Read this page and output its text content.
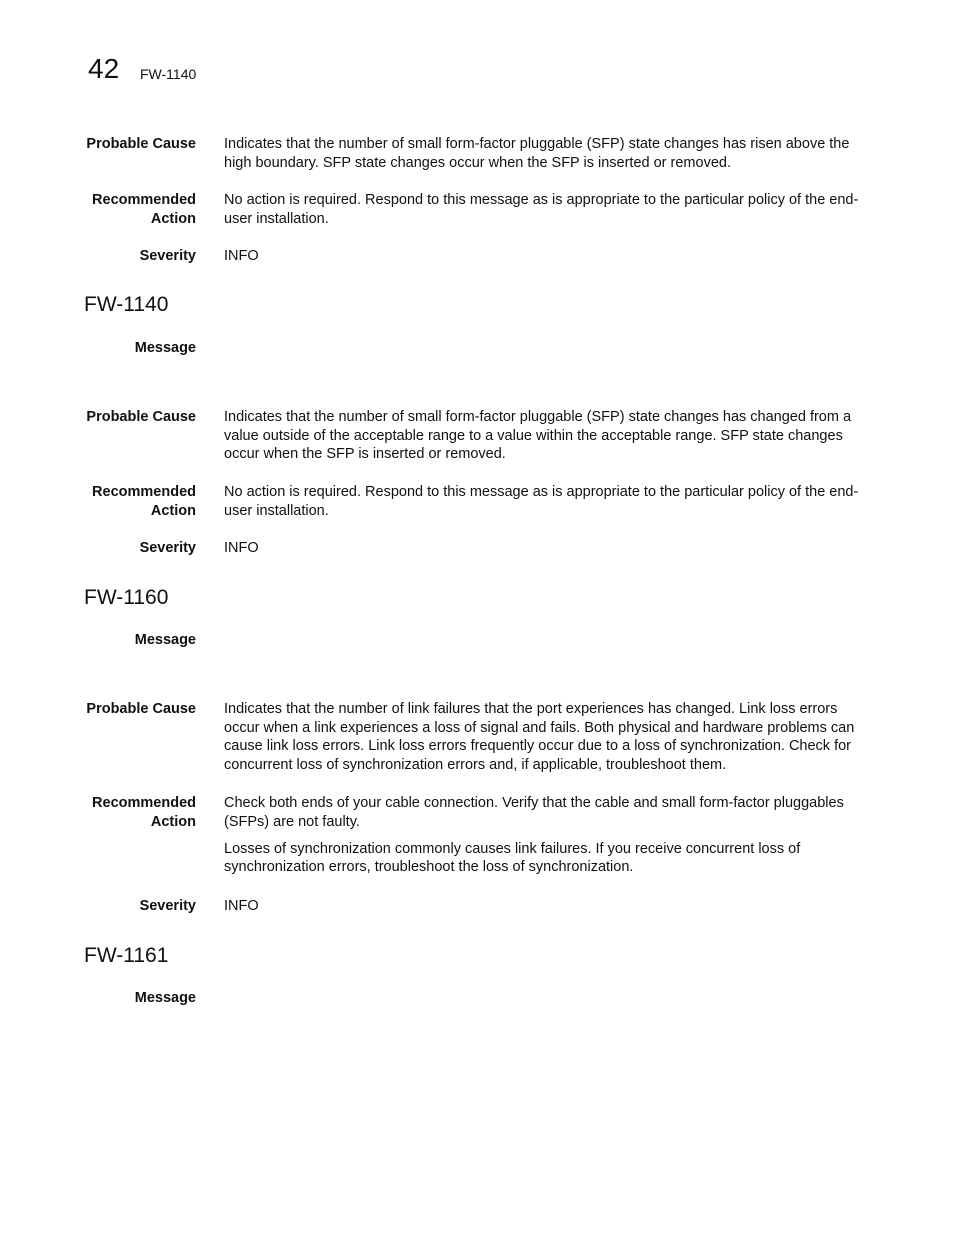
42 FW-1140
Probable Cause Indicates that the number of small form-factor pluggable (SFP) state changes has risen above the high boundary. SFP state changes occur when the SFP is inserted or removed.
Recommended
Action
No action is required. Respond to this message as is appropriate to the particular policy of the end-user installation.
Severity INFO
FW-1140
Message
Probable Cause Indicates that the number of small form-factor pluggable (SFP) state changes has changed from a value outside of the acceptable range to a value within the acceptable range. SFP state changes occur when the SFP is inserted or removed.
Recommended
Action
No action is required. Respond to this message as is appropriate to the particular policy of the end-user installation.
Severity INFO
FW-1160
Message
Probable Cause Indicates that the number of link failures that the port experiences has changed. Link loss errors occur when a link experiences a loss of signal and fails. Both physical and hardware problems can cause link loss errors. Link loss errors frequently occur due to a loss of synchronization. Check for concurrent loss of synchronization errors and, if applicable, troubleshoot them.
Recommended
Action

Check both ends of your cable connection. Verify that the cable and small form-factor pluggables (SFPs) are not faulty.

Losses of synchronization commonly causes link failures. If you receive concurrent loss of synchronization errors, troubleshoot the loss of synchronization.

Severity INFO
FW-1161
Message
